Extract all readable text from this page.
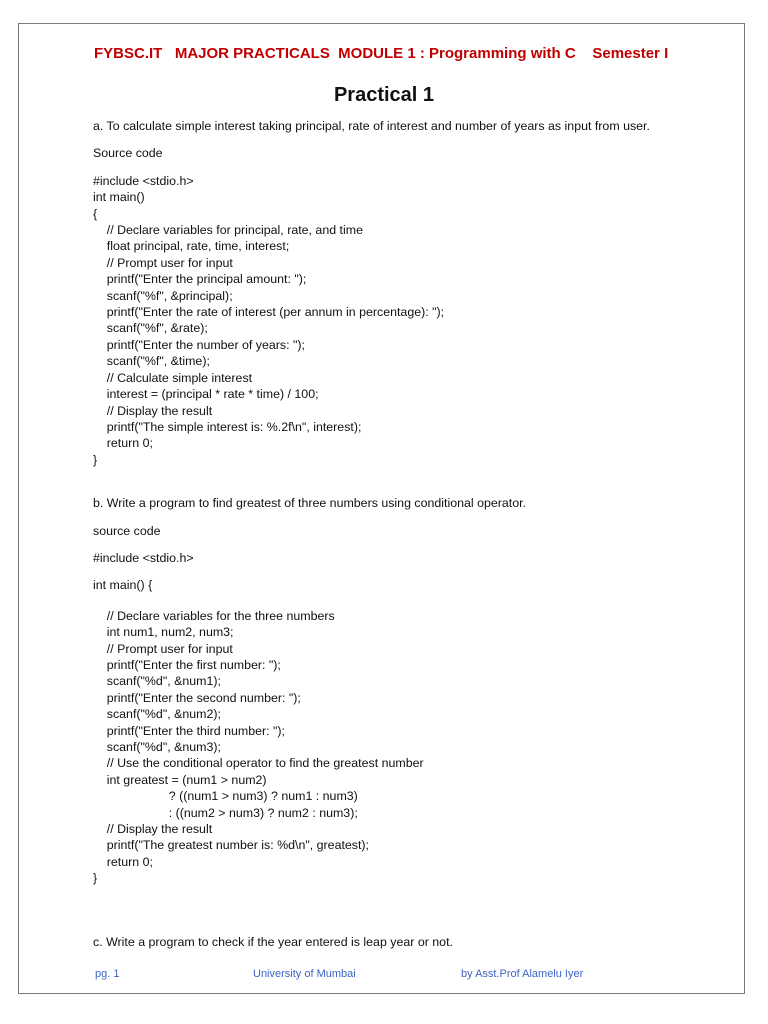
FYBSC.IT   MAJOR PRACTICALS  MODULE 1 : Programming with C    Semester I
Practical 1

a. To calculate simple interest taking principal, rate of interest and number of years as input from user.

Source code

#include <stdio.h>
int main()
{
// Declare variables for principal, rate, and time
float principal, rate, time, interest;
// Prompt user for input
printf("Enter the principal amount: ");
scanf("%f", &principal);
printf("Enter the rate of interest (per annum in percentage): ");
scanf("%f", &rate);
printf("Enter the number of years: ");
scanf("%f", &time);
// Calculate simple interest
interest = (principal * rate * time) / 100;
// Display the result
printf("The simple interest is: %.2f\n", interest);
return 0;
}

b. Write a program to find greatest of three numbers using conditional operator.

source code

#include <stdio.h>

int main() {

// Declare variables for the three numbers
int num1, num2, num3;
// Prompt user for input
printf("Enter the first number: ");
scanf("%d", &num1);
printf("Enter the second number: ");
scanf("%d", &num2);
printf("Enter the third number: ");
scanf("%d", &num3);
// Use the conditional operator to find the greatest number
int greatest = (num1 > num2)
? ((num1 > num3) ? num1 : num3)
: ((num2 > num3) ? num2 : num3);
// Display the result
printf("The greatest number is: %d\n", greatest);
return 0;
}

c. Write a program to check if the year entered is leap year or not.

pg. 1	University of Mumbai	by Asst.Prof Alamelu Iyer
